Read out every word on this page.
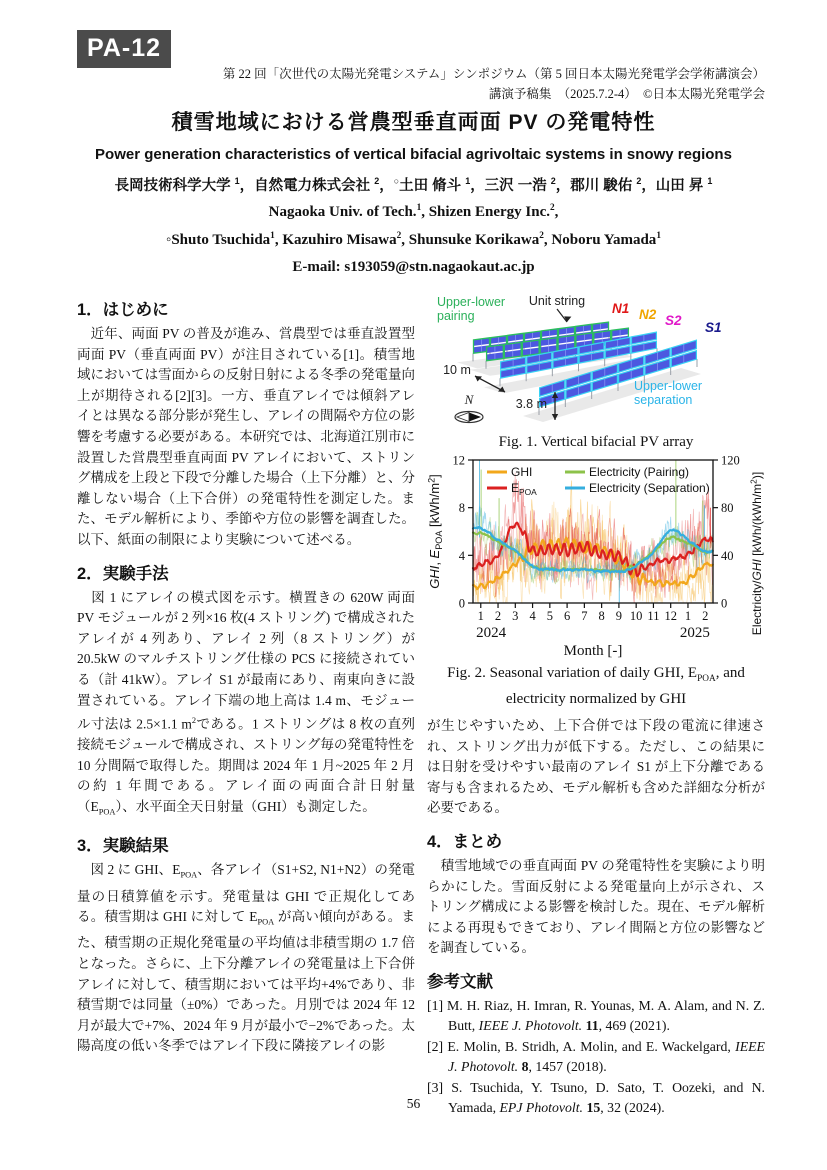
PA-12
第 22 回「次世代の太陽光発電システム」シンポジウム（第 5 回日本太陽光発電学会学術講演会）
講演予稿集　（2025.7.2-4）　©日本太陽光発電学会
積雪地域における営農型垂直両面 PV の発電特性
Power generation characteristics of vertical bifacial agrivoltaic systems in snowy regions
長岡技術科学大学 $^1$，自然電力株式会社 $^2$，○土田 脩斗 $^1$，三沢 一浩 $^2$，郡川 駿佑 $^2$，山田 昇 $^1$
Nagaoka Univ. of Tech.$^1$, Shizen Energy Inc.$^2$,
◦Shuto Tsuchida$^1$, Kazuhiro Misawa$^2$, Shunsuke Korikawa$^2$, Noboru Yamada$^1$
E-mail: s193059@stn.nagaokaut.ac.jp
1．はじめに

　近年、両面 PV の普及が進み、営農型では垂直設置型両面 PV（垂直両面 PV）が注目されている[1]。積雪地域においては雪面からの反射日射による冬季の発電量向上が期待される[2][3]。一方、垂直アレイでは傾斜アレイとは異なる部分影が発生し、アレイの間隔や方位の影響を考慮する必要がある。本研究では、北海道江別市に設置した営農型垂直両面 PV アレイにおいて、ストリング構成を上段と下段で分離した場合（上下分離）と、分離しない場合（上下合併）の発電特性を測定した。また、モデル解析により、季節や方位の影響を調査した。以下、紙面の制限により実験について述べる。

2．実験手法

　図 1 にアレイの模式図を示す。横置きの 620W 両面 PV モジュールが 2 列×16 枚(4 ストリング) で構成されたアレイが 4 列あり、アレイ 2 列（8 ストリング）が 20.5kW のマルチストリング仕様の PCS に接続されている（計 41kW）。アレイ S1 が最南にあり、南東向きに設置されている。アレイ下端の地上高は 1.4 m、モジュール寸法は 2.5×1.1 $m^2$である。1 ストリングは 8 枚の直列接続モジュールで構成され、ストリング毎の発電特性を 10 分間隔で取得した。期間は 2024 年 1 月~2025 年 2 月の約 1 年間である。アレイ面の両面合計日射量$(E_{POA})$、水平面全天日射量（GHI）も測定した。

3．実験結果

　図 2 に GHI、$E_{POA}$、各アレイ（S1+S2, N1+N2）の発電量の日積算値を示す。発電量は GHI で正規化してある。積雪期は GHI に対して $E_{POA}$ が高い傾向がある。また、積雪期の正規化発電量の平均値は非積雪期の 1.7 倍となった。さらに、上下分離アレイの発電量は上下合併アレイに対して、積雪期においては平均+4%であり、非積雪期では同量（±0%）であった。月別では 2024 年 12 月が最大で+7%、2024 年 9 月が最小で−2%であった。太陽高度の低い冬季ではアレイ下段に隣接アレイの影

Upper-lower
pairing
Unit string N1 N2 S2 S1
Upper-lower
separation
10 m
3.8 m
N
Fig. 1. Vertical bifacial PV array
0
4
8
12
0
40
80
120
1 2 3 4 5 6 7 8 9 10 11 12 1 2
2024	2025
Month [-]
GHI, $E_{POA}$ $[kWh/m^2]$
Electricity/GHI $[kWh/(kWh/m^2)]$
GHI
$E_{POA}$
Electricity (Pairing)
Electricity (Separation)
Fig. 2. Seasonal variation of daily GHI, $E_{POA}$, and electricity normalized by GHI

が生じやすいため、上下合併では下段の電流に律速され、ストリング出力が低下する。ただし、この結果には日射を受けやすい最南のアレイ S1 が上下分離である寄与も含まれるため、モデル解析も含めた詳細な分析が必要である。

4．まとめ

　積雪地域での垂直両面 PV の発電特性を実験により明らかにした。雪面反射による発電量向上が示され、ストリング構成による影響を検討した。現在、モデル解析による再現もできており、アレイ間隔と方位の影響などを調査している。

参考文献
[1] M. H. Riaz, H. Imran, R. Younas, M. A. Alam, and N. Z. Butt, IEEE J. Photovolt. 11, 469 (2021).
[2] E. Molin, B. Stridh, A. Molin, and E. Wackelgard, IEEE J. Photovolt. 8, 1457 (2018).
[3] S. Tsuchida, Y. Tsuno, D. Sato, T. Oozeki, and N. Yamada, EPJ Photovolt. 15, 32 (2024).
56
